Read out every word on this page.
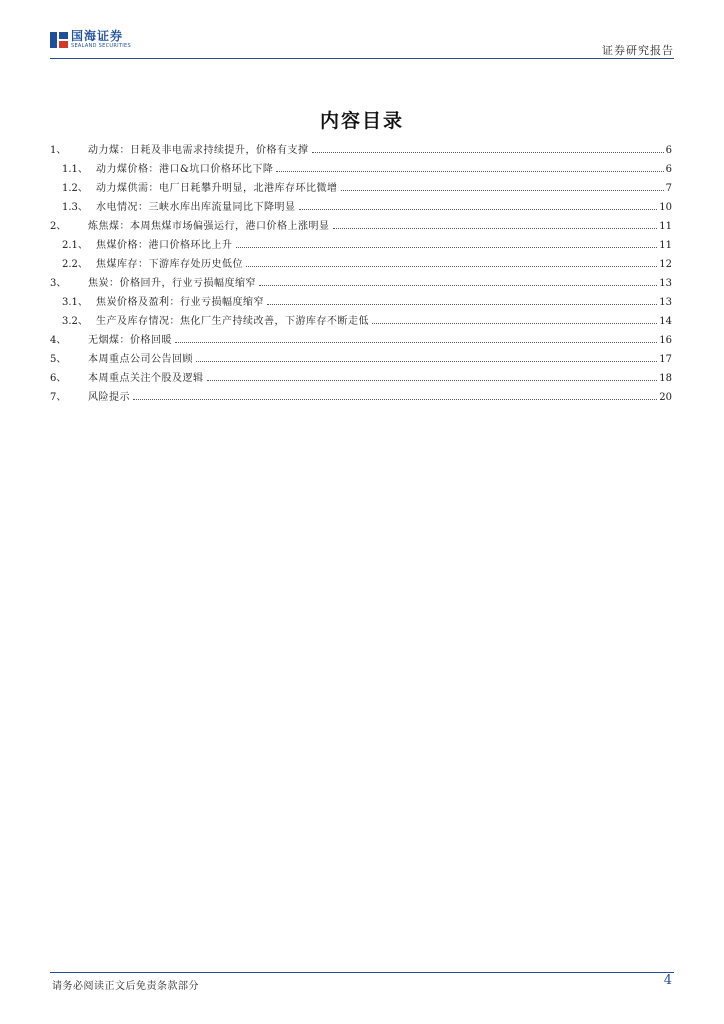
国海证券
SEALAND SECURITIES	证券研究报告
内容目录
1、	动力煤：日耗及非电需求持续提升，价格有支撑	6
1.1、 动力煤价格：港口&坑口价格环比下降	6
1.2、 动力煤供需：电厂日耗攀升明显，北港库存环比微增	7
1.3、 水电情况：三峡水库出库流量同比下降明显	10
2、	炼焦煤：本周焦煤市场偏强运行，港口价格上涨明显	11
2.1、 焦煤价格：港口价格环比上升	11
2.2、 焦煤库存：下游库存处历史低位	12
3、	焦炭：价格回升，行业亏损幅度缩窄	13
3.1、 焦炭价格及盈利：行业亏损幅度缩窄	13
3.2、 生产及库存情况：焦化厂生产持续改善，下游库存不断走低	14
4、	无烟煤：价格回暖	16
5、	本周重点公司公告回顾	17
6、	本周重点关注个股及逻辑	18
7、	风险提示	20
请务必阅读正文后免责条款部分	4
